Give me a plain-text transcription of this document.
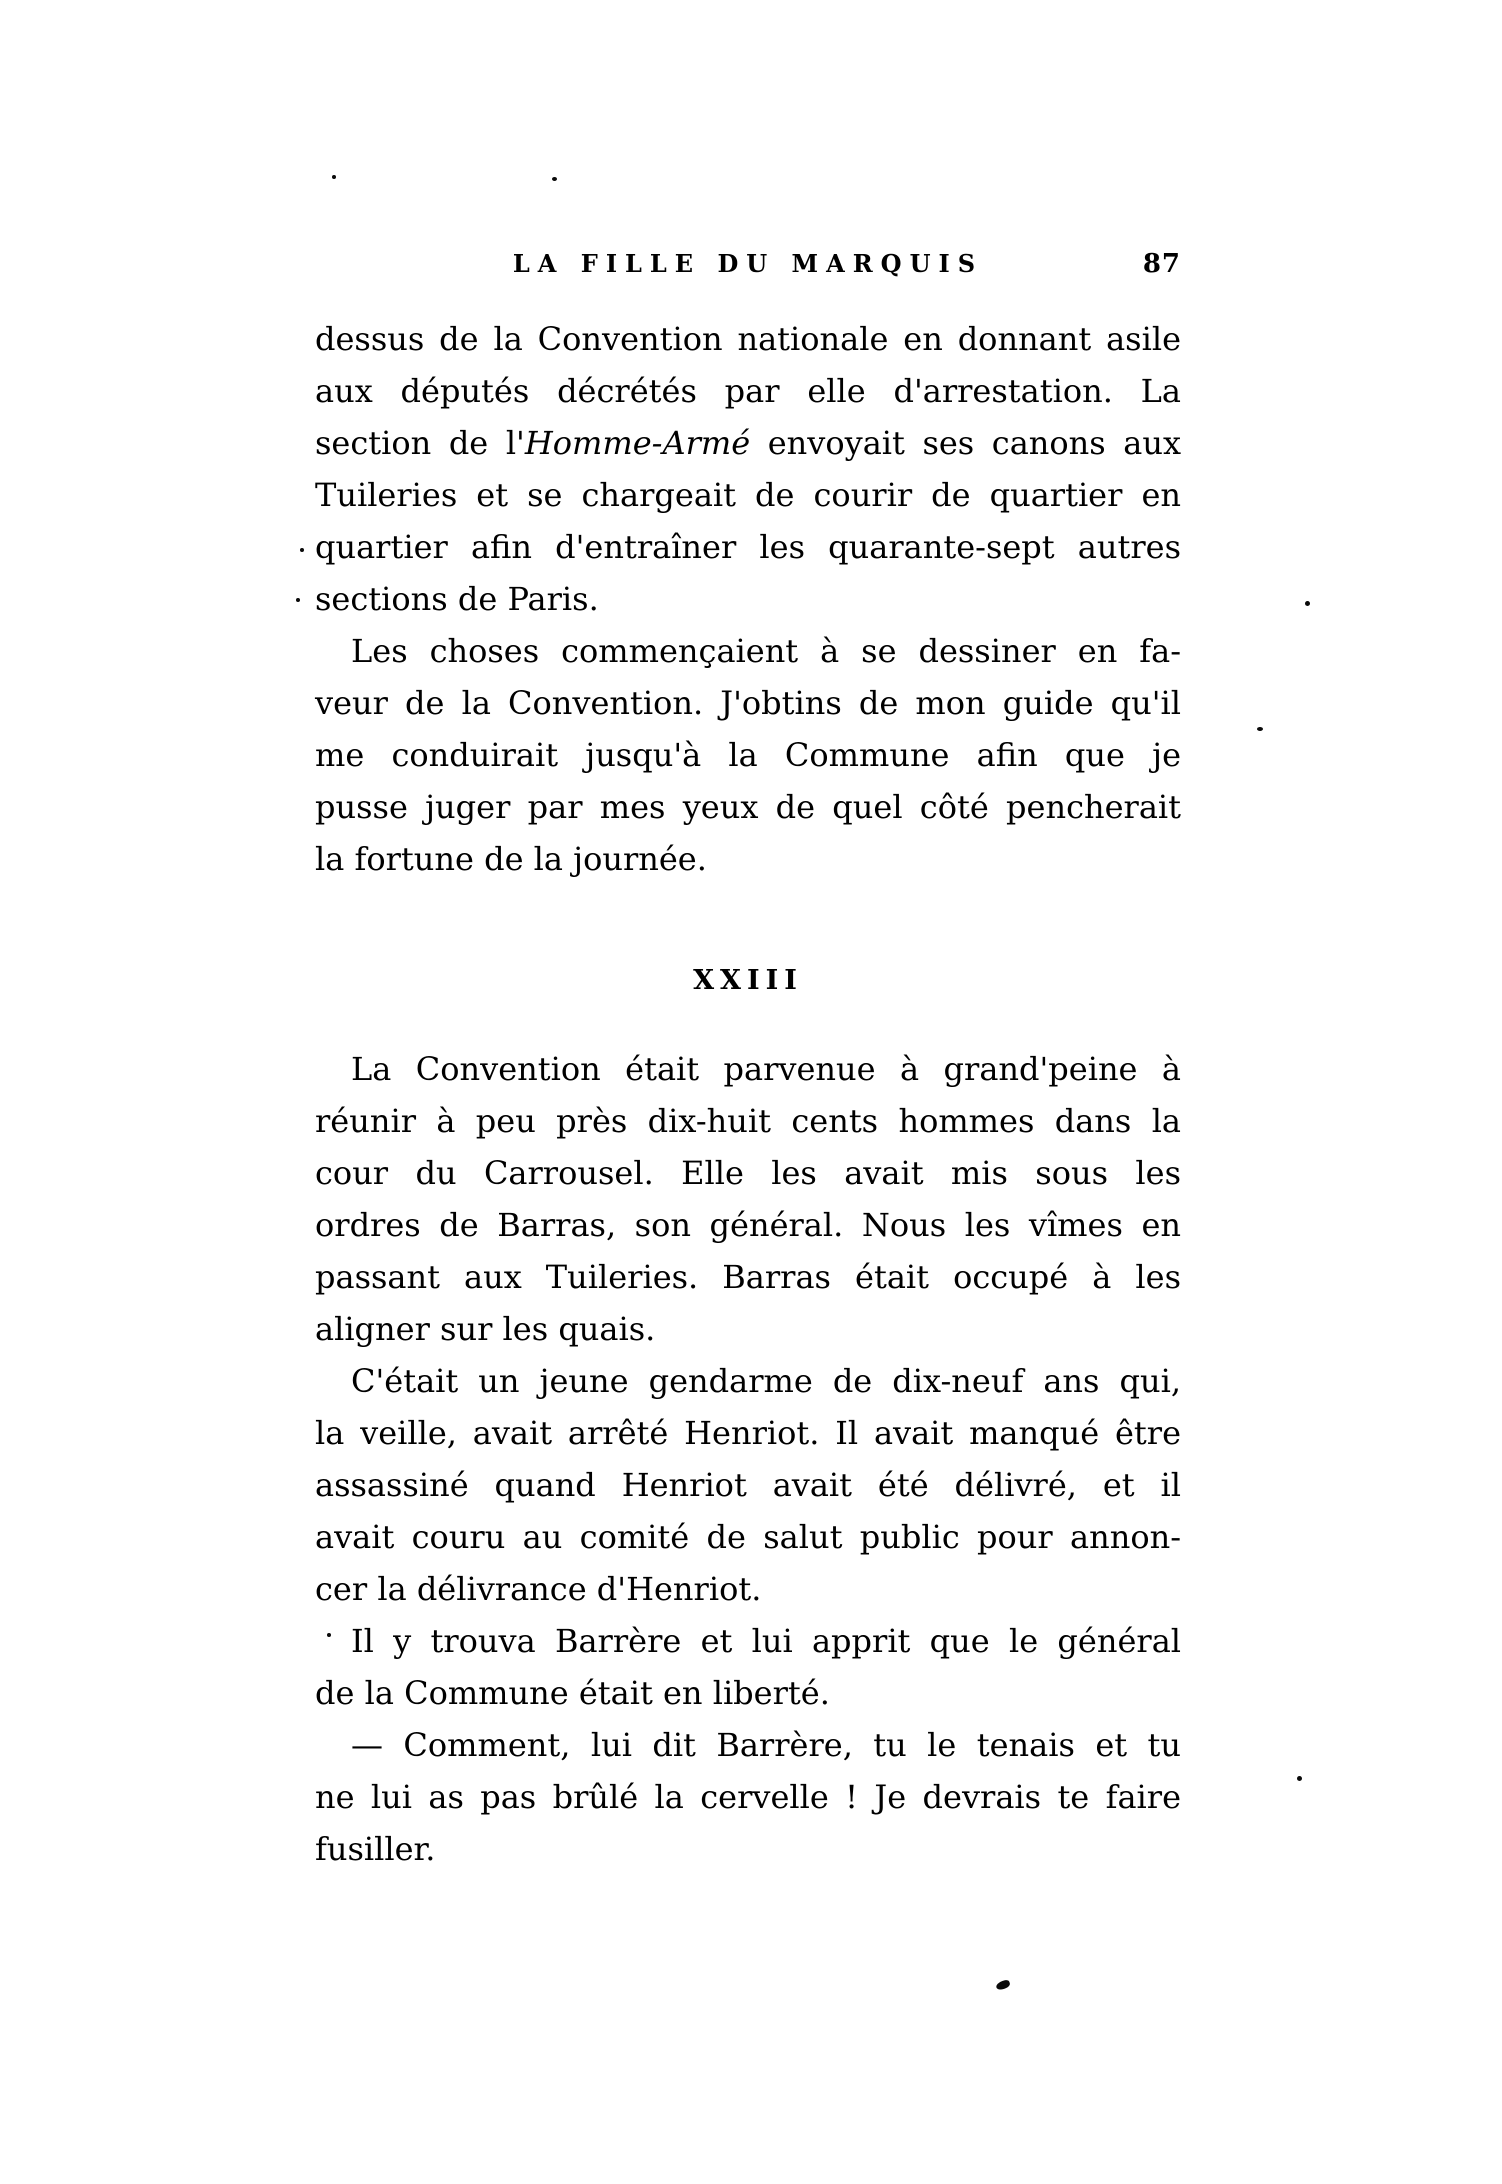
LA FILLE DU MARQUIS	87
dessus de la Convention nationale en donnant asile
aux députés décrétés par elle d'arrestation. La
section de l'Homme-Armé envoyait ses canons aux
Tuileries et se chargeait de courir de quartier en
quartier afin d'entraîner les quarante-sept autres
sections de Paris.
Les choses commençaient à se dessiner en fa-
veur de la Convention. J'obtins de mon guide qu'il
me conduirait jusqu'à la Commune afin que je
pusse juger par mes yeux de quel côté pencherait
la fortune de la journée.
XXIII
La Convention était parvenue à grand'peine à
réunir à peu près dix-huit cents hommes dans la
cour du Carrousel. Elle les avait mis sous les
ordres de Barras, son général. Nous les vîmes en
passant aux Tuileries. Barras était occupé à les
aligner sur les quais.
C'était un jeune gendarme de dix-neuf ans qui,
la veille, avait arrêté Henriot. Il avait manqué être
assassiné quand Henriot avait été délivré, et il
avait couru au comité de salut public pour annon-
cer la délivrance d'Henriot.
Il y trouva Barrère et lui apprit que le général
de la Commune était en liberté.
— Comment, lui dit Barrère, tu le tenais et tu
ne lui as pas brûlé la cervelle ! Je devrais te faire
fusiller.
